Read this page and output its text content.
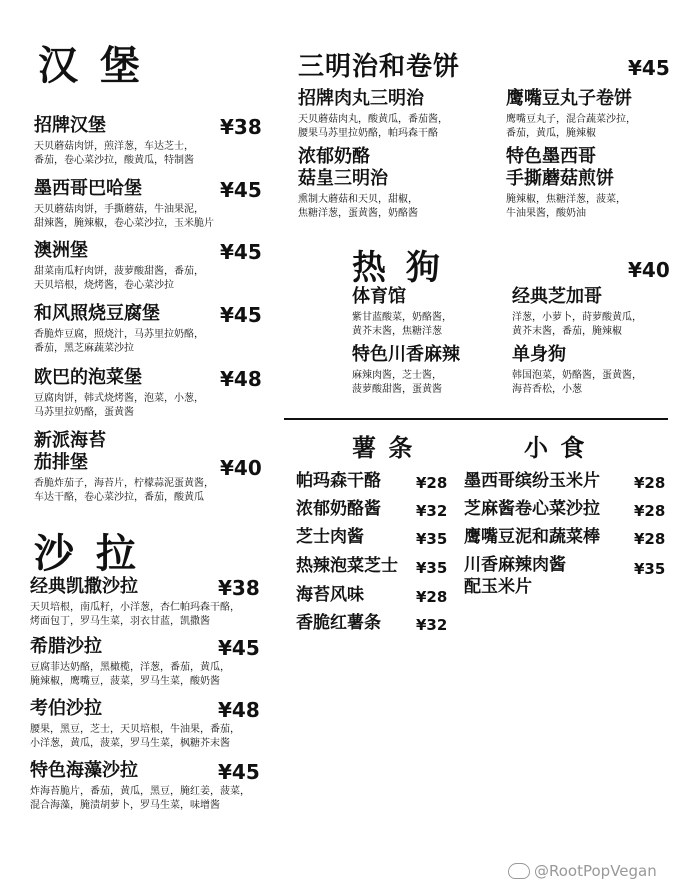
汉 堡
招牌汉堡	¥38
天贝蘑菇肉饼，煎洋葱，车达芝士，
番茄，卷心菜沙拉，酸黄瓜，特制酱
墨西哥巴哈堡	¥45
天贝蘑菇肉饼，手撕蘑菇，牛油果泥，
甜辣酱，腌辣椒，卷心菜沙拉，玉米脆片
澳洲堡	¥45
甜菜南瓜籽肉饼，菠萝酸甜酱，番茄，
天贝培根，烧烤酱，卷心菜沙拉
和风照烧豆腐堡	¥45
香脆炸豆腐，照烧汁，马苏里拉奶酪，
番茄，黑芝麻蔬菜沙拉
欧巴的泡菜堡	¥48
豆腐肉饼，韩式烧烤酱，泡菜，小葱，
马苏里拉奶酪，蛋黄酱
新派海苔
茄排堡	¥40
香脆炸茄子，海苔片，柠檬蒜泥蛋黄酱，
车达干酪，卷心菜沙拉，番茄，酸黄瓜
沙 拉
经典凯撒沙拉	¥38
天贝培根，南瓜籽，小洋葱，杏仁帕玛森干酪，
烤面包丁，罗马生菜，羽衣甘蓝，凯撒酱
希腊沙拉	¥45
豆腐菲达奶酪，黑橄榄，洋葱，番茄，黄瓜，
腌辣椒，鹰嘴豆，菠菜，罗马生菜，酸奶酱
考伯沙拉	¥48
腰果，黑豆，芝士，天贝培根，牛油果，番茄，
小洋葱，黄瓜，菠菜，罗马生菜，枫糖芥末酱
特色海藻沙拉	¥45
炸海苔脆片，番茄，黄瓜，黑豆，腌红姜，菠菜，
混合海藻，腌渍胡萝卜，罗马生菜，味增酱
三明治和卷饼	¥45
招牌肉丸三明治
天贝蘑菇肉丸，酸黄瓜，番茄酱，
腰果马苏里拉奶酪，帕玛森干酪
鹰嘴豆丸子卷饼
鹰嘴豆丸子，混合蔬菜沙拉，
番茄，黄瓜，腌辣椒
浓郁奶酪
菇皇三明治
熏制大蘑菇和天贝，甜椒，
焦糖洋葱，蛋黄酱，奶酪酱
特色墨西哥
手撕蘑菇煎饼
腌辣椒，焦糖洋葱，菠菜，
牛油果酱，酸奶油
热 狗	¥40
体育馆
紫甘蓝酸菜，奶酪酱，
黄芥末酱，焦糖洋葱
经典芝加哥
洋葱，小萝卜，莳萝酸黄瓜，
黄芥末酱，番茄，腌辣椒
特色川香麻辣
麻辣肉酱，芝士酱，
菠萝酸甜酱，蛋黄酱
单身狗
韩国泡菜，奶酪酱，蛋黄酱，
海苔香松，小葱
薯 条	小 食
帕玛森干酪 ¥28
浓郁奶酪酱 ¥32
芝士肉酱	¥35
热辣泡菜芝士 ¥35
海苔风味	¥28
香脆红薯条 ¥32
墨西哥缤纷玉米片 ¥28
芝麻酱卷心菜沙拉 ¥28
鹰嘴豆泥和蔬菜棒 ¥28
川香麻辣肉酱
配玉米片
¥35
@RootPopVegan
